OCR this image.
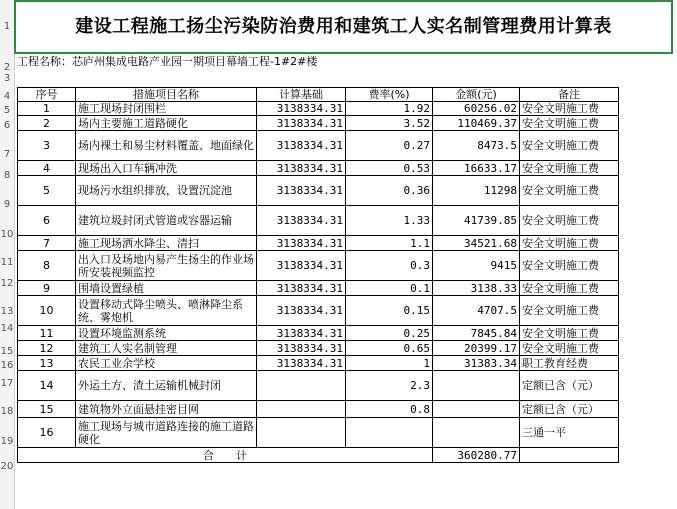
1
2
3
4
5
6
7
8
9
10
11
12
13
14
15
16
17
18
19
20
建设工程施工扬尘污染防治费用和建筑工人实名制管理费用计算表
工程名称：芯庐州集成电路产业园一期项目幕墙工程-1#2#楼
序号	措施项目名称	计算基础	费率(%)	金额(元)	备注
1	施工现场封闭围栏	3138334.31	1.92	60256.02	安全文明施工费
2	场内主要施工道路硬化	3138334.31	3.52	110469.37	安全文明施工费
3	场内裸土和易尘材料覆盖、地面绿化	3138334.31	0.27	8473.5	安全文明施工费
4	现场出入口车辆冲洗	3138334.31	0.53	16633.17	安全文明施工费
5	现场污水组织排放，设置沉淀池	3138334.31	0.36	11298	安全文明施工费
6	建筑垃圾封闭式管道或容器运输	3138334.31	1.33	41739.85	安全文明施工费
7	施工现场洒水降尘、清扫	3138334.31	1.1	34521.68	安全文明施工费
8	出入口及场地内易产生扬尘的作业场所安装视频监控	3138334.31	0.3	9415	安全文明施工费
9	围墙设置绿植	3138334.31	0.1	3138.33	安全文明施工费
10	设置移动式降尘喷头、喷淋降尘系统、雾炮机	3138334.31	0.15	4707.5	安全文明施工费
11	设置环境监测系统	3138334.31	0.25	7845.84	安全文明施工费
12	建筑工人实名制管理	3138334.31	0.65	20399.17	安全文明施工费
13	农民工业余学校	3138334.31	1	31383.34	职工教育经费
14	外运土方、渣土运输机械封闭		2.3		定额已含（元）
15	建筑物外立面悬挂密目网		0.8		定额已含（元）
16	施工现场与城市道路连接的施工道路硬化				三通一平
合　　计				360280.77	
